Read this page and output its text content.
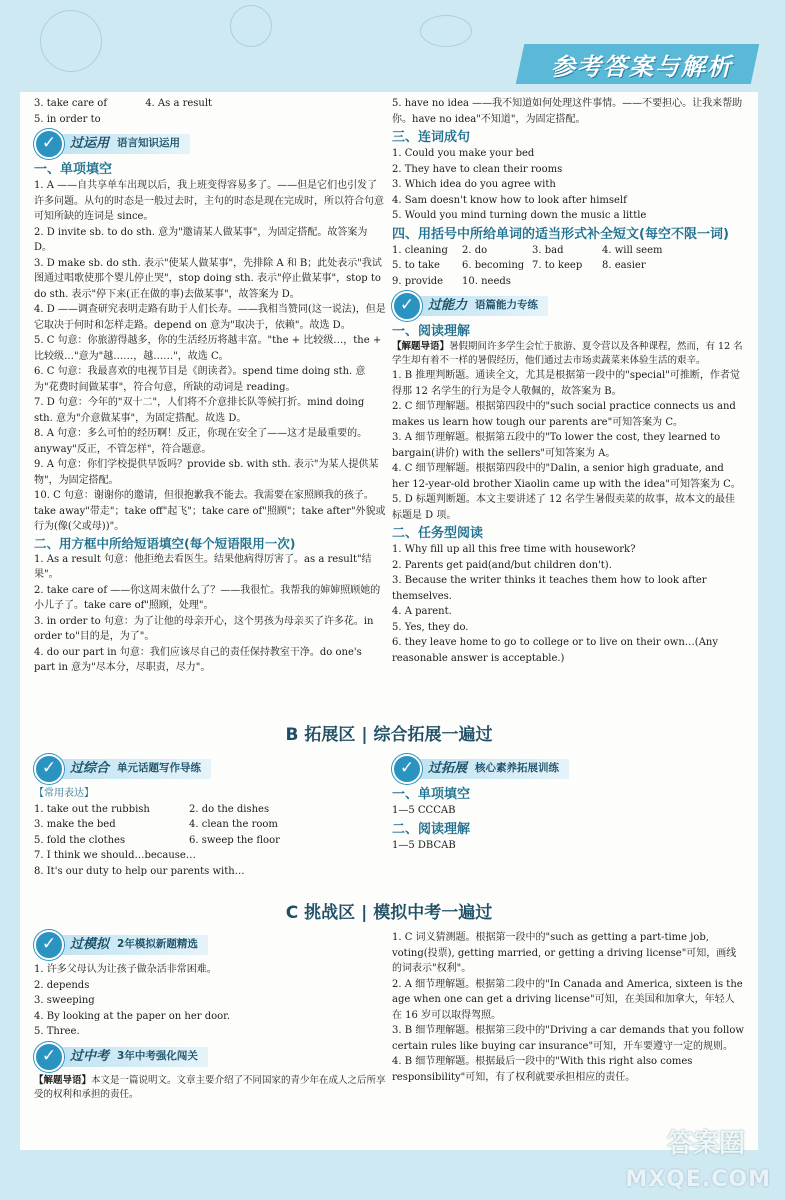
参考答案与解析
3. take care of	4. As a result
5. in order to
✓	过运用 语言知识运用
一、单项填空
1. A ——自共享单车出现以后，我上班变得容易多了。——但是它们也引发了许多问题。从句的时态是一般过去时，主句的时态是现在完成时，所以符合句意可知所缺的连词是 since。
2. D invite sb. to do sth. 意为"邀请某人做某事"，为固定搭配。故答案为 D。
3. D make sb. do sth. 表示"使某人做某事"，先排除 A 和 B；此处表示"我试图通过唱歌使那个婴儿停止哭"，stop doing sth. 表示"停止做某事"，stop to do sth. 表示"停下来(正在做的事)去做某事"，故答案为 D。
4. D ——调查研究表明走路有助于人们长寿。——我相当赞同(这一说法)，但是它取决于何时和怎样走路。depend on 意为"取决于，依赖"。故选 D。
5. C 句意：你旅游得越多，你的生活经历将越丰富。"the + 比较级…，the + 比较级…"意为"越……，越……"，故选 C。
6. C 句意：我最喜欢的电视节目是《朗读者》。spend time doing sth. 意为"花费时间做某事"，符合句意，所缺的动词是 reading。
7. D 句意：今年的"双十二"，人们将不介意排长队等候打折。mind doing sth. 意为"介意做某事"，为固定搭配。故选 D。
8. A 句意：多么可怕的经历啊！反正，你现在安全了——这才是最重要的。anyway"反正，不管怎样"，符合题意。
9. A 句意：你们学校提供早饭吗？provide sb. with sth. 表示"为某人提供某物"，为固定搭配。
10. C 句意：谢谢你的邀请，但很抱歉我不能去。我需要在家照顾我的孩子。take away"带走"；take off"起飞"；take care of"照顾"；take after"外貌或行为(像(父或母))"。
二、用方框中所给短语填空(每个短语限用一次)
1. As a result 句意：他拒绝去看医生。结果他病得厉害了。as a result"结果"。
2. take care of ——你这周末做什么了？——我很忙。我帮我的婶婶照顾她的小儿子了。take care of"照顾，处理"。
3. in order to 句意：为了让他的母亲开心，这个男孩为母亲买了许多花。in order to"目的是，为了"。
4. do our part in 句意：我们应该尽自己的责任保持教室干净。do one's part in 意为"尽本分，尽职责，尽力"。
5. have no idea ——我不知道如何处理这件事情。——不要担心。让我来帮助你。have no idea"不知道"，为固定搭配。
三、连词成句
1. Could you make your bed
2. They have to clean their rooms
3. Which idea do you agree with
4. Sam doesn't know how to look after himself
5. Would you mind turning down the music a little
四、用括号中所给单词的适当形式补全短文(每空不限一词)
1. cleaning	2. do	3. bad	4. will seem
5. to take	6. becoming 7. to keep	8. easier
9. provide	10. needs
✓	过能力 语篇能力专练
一、阅读理解
【解题导语】暑假期间许多学生会忙于旅游、夏令营以及各种课程，然而，有 12 名学生却有着不一样的暑假经历，他们通过去市场卖蔬菜来体验生活的艰辛。
1. B 推理判断题。通读全文，尤其是根据第一段中的"special"可推断，作者觉得那 12 名学生的行为是令人敬佩的，故答案为 B。
2. C 细节理解题。根据第四段中的"such social practice connects us and makes us learn how tough our parents are"可知答案为 C。
3. A 细节理解题。根据第五段中的"To lower the cost, they learned to bargain(讲价) with the sellers"可知答案为 A。
4. C 细节理解题。根据第四段中的"Dalin, a senior high graduate, and her 12-year-old brother Xiaolin came up with the idea"可知答案为 C。
5. D 标题判断题。本文主要讲述了 12 名学生暑假卖菜的故事，故本文的最佳标题是 D 项。
二、任务型阅读
1. Why fill up all this free time with housework?
2. Parents get paid(and/but children don't).
3. Because the writer thinks it teaches them how to look after themselves.
4. A parent.
5. Yes, they do.
6. they leave home to go to college or to live on their own…(Any reasonable answer is acceptable.)
B 拓展区 | 综合拓展一遍过
✓	过综合 单元话题写作导练
【常用表达】
1. take out the rubbish	2. do the dishes
3. make the bed	4. clean the room
5. fold the clothes	6. sweep the floor
7. I think we should…because…
8. It's our duty to help our parents with…
✓	过拓展 核心素养拓展训练
一、单项填空
1—5 CCCAB
二、阅读理解
1—5 DBCAB
C 挑战区 | 模拟中考一遍过
✓	过模拟 2年模拟新题精选
1. 许多父母认为让孩子做杂活非常困难。
2. depends
3. sweeping
4. By looking at the paper on her door.
5. Three.
✓	过中考 3年中考强化闯关
【解题导语】本文是一篇说明文。文章主要介绍了不同国家的青少年在成人之后所享受的权利和承担的责任。
1. C 词义猜测题。根据第一段中的"such as getting a part-time job, voting(投票), getting married, or getting a driving license"可知，画线的词表示"权利"。
2. A 细节理解题。根据第二段中的"In Canada and America, sixteen is the age when one can get a driving license"可知，在美国和加拿大，年轻人在 16 岁可以取得驾照。
3. B 细节理解题。根据第三段中的"Driving a car demands that you follow certain rules like buying car insurance"可知，开车要遵守一定的规则。
4. B 细节理解题。根据最后一段中的"With this right also comes responsibility"可知，有了权利就要承担相应的责任。
答案圈
MXQE.COM
